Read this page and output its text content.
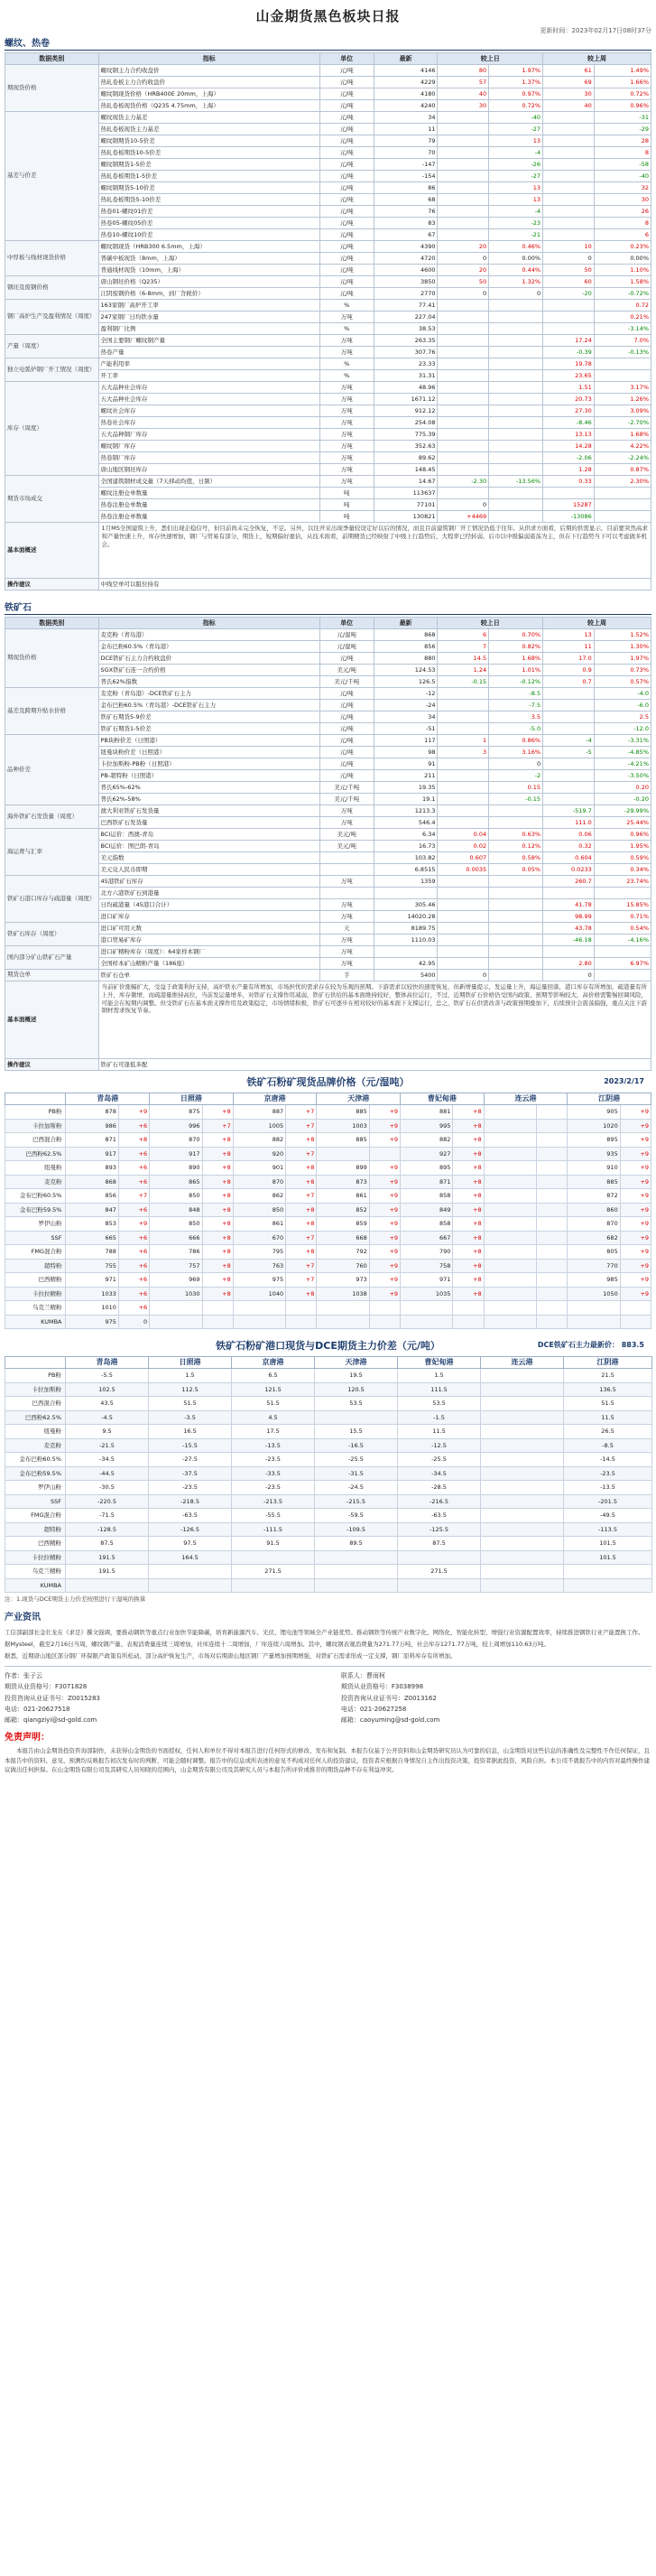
山金期货黑色板块日报
更新时间：2023年02月17日08时37分
螺纹、热卷
数据类别	指标	单位	最新	较上日		较上周	
期现货价格	螺纹钢主力合约收盘价	元/吨	4146	80	1.97%	61	1.49%
	热轧卷板主力合约收盘价	元/吨	4229	57	1.37%	69	1.66%
	螺纹钢现货价格（HRB400E 20mm，上海）	元/吨	4180	40	0.97%	30	0.72%
	热轧卷板现货价格（Q235 4.75mm，上海）	元/吨	4240	30	0.72%	40	0.96%
基差与价差	螺纹现货主力基差	元/吨	34		-40		-31
	热轧卷板现货主力基差	元/吨	11		-27		-29
	螺纹钢期货10-5价差	元/吨	79		13		28
	热轧卷板期货10-5价差	元/吨	70		-4		8
	螺纹钢期货1-5价差	元/吨	-147		-26		-58
	热轧卷板期货1-5价差	元/吨	-154		-27		-40
	螺纹钢期货5-10价差	元/吨	86		13		32
	热轧卷板期货5-10价差	元/吨	68		13		30
	热卷01-螺纹01价差	元/吨	76		-4		26
	热卷05-螺纹05价差	元/吨	83		-23		8
	热卷10-螺纹10价差	元/吨	67		-21		6
中厚板与线材现货价格	螺纹钢现货（HRB300 6.5mm，上海）	元/吨	4390	20	0.46%	10	0.23%
	普碳中板现货（8mm，上海）	元/吨	4720	0	0.00%	0	0.00%
	普通线材现货（10mm，上海）	元/吨	4600	20	0.44%	50	1.10%
钢坯及废钢价格	唐山钢坯价格（Q235）	元/吨	3850	50	1.32%	60	1.58%
	江阴废钢价格（6-8mm，到厂含税价）	元/吨	2770	0	0	-20	-0.72%
钢厂高炉生产及盈利情况（周度）	163家钢厂高炉开工率	%	77.41				0.72
	247家钢厂日均铁水量	万吨	227.04				0.21%
	盈利钢厂比例	%	38.53				-3.14%
产量（周度）	全国主要钢厂螺纹钢产量	万吨	263.35			17.24	7.0%
	热卷产量	万吨	307.76			-0.39	-0.13%
独立电弧炉钢厂开工情况（周度）	产能利用率	%	23.33			19.78	
	开工率	%	31.31			23.65	
库存（周度）	五大品种社会库存	万吨	48.96			1.51	3.17%
	五大品种社会库存	万吨	1671.12			20.73	1.26%
	螺纹社会库存	万吨	912.12			27.30	3.09%
	热卷社会库存	万吨	254.08			-8.46	-2.70%
	五大品种钢厂库存	万吨	775.39			13.13	1.68%
	螺纹钢厂库存	万吨	352.63			14.28	4.22%
	热卷钢厂库存	万吨	89.62			-2.06	-2.24%
	唐山地区钢坯库存	万吨	148.45			1.28	0.87%
期货市场成交	全国建筑钢材成交量（7天移动均值，日频）	万吨	14.67	-2.30	-13.56%	0.33	2.30%
	螺纹注册仓单数量	吨	113637				
	热卷注册仓单数量	吨	77101	0		15287	
	热卷注册仓单数量	吨	130821	+4469		-13086	
基本面概述	1月MS全国建筑上升，悉们出现企稳信号，但目前尚未完全恢复，不足。另外，以往开采出现季量较设定好以后的情况，而且目前建筑钢厂开工情况仍低于往年。从供求方面看，后期的供需显示，目前要突然高求和产量快速上升，库存快速增加，钢厂与贸易有部分，期货上，短期偏好重估，从技术面看，前期精货已经映射了中级上行趋势后，大程率已经转弱，后市以中级偏弱震荡为主，但在下行趋势当下可以考虑做多机会。						
操作建议	中线空单可以阻位持有						
铁矿石
数据类别	指标	单位	最新	较上日		较上周	
期现货价格	麦克粉（青岛港）	元/湿吨	868	6	0.70%	13	1.52%
	金布巴粉60.5%（青岛港）	元/湿吨	856	7	0.82%	11	1.30%
	DCE铁矿石主力合约收盘价	元/吨	880	14.5	1.68%	17.0	1.97%
	SGX铁矿石连一合约价格	美元/吨	124.53	1.24	1.01%	0.9	0.73%
	普氏62%指数	美元/千吨	126.5	-0.15	-0.12%	0.7	0.57%
基差及跨期升贴水价格	麦克粉（青岛港）-DCE铁矿石主力	元/吨	-12		-8.5		-4.0
	金布巴粉60.5%（青岛港）-DCE铁矿石主力	元/吨	-24		-7.5		-6.0
	铁矿石期货5-9价差	元/吨	34		3.5		2.5
	铁矿石期货1-5价差	元/吨	-51		-5.0		-12.0
品种价差	PB块粉价差（日照港）	元/吨	117	1	0.86%	-4	-3.31%
	纽曼块粉价差（日照港）	元/吨	98	3	3.16%	-5	-4.85%
	卡拉加斯粉-PB粉（日照港）	元/吨	91		0		-4.21%
	PB-超特粉（日照港）	元/吨	211		-2		-3.50%
	普氏65%-62%	美元/千吨	19.35		0.15		0.20
	普氏62%-58%	美元/千吨	19.1		-0.15		-0.20
海外铁矿石发货量（周度）	澳大利亚铁矿石发货量	万吨	1213.3			-519.7	-29.99%
	巴西铁矿石发货量	万吨	546.4			111.0	25.44%
海运费与汇率	BCI运价：西澳-青岛	美元/吨	6.34	0.04	0.63%	0.06	0.96%
	BCI运价：图巴朗-青岛	美元/吨	16.73	0.02	0.12%	0.32	1.95%
	美元指数		103.82	0.607	0.58%	0.604	0.59%
	美元兑人民币即期		6.8515	0.0035	0.05%	0.0233	0.34%
铁矿石港口库存与疏港量（周度）	45港铁矿石库存	万吨	1359			260.7	23.74%
	北方六港铁矿石到港量						
	日均疏港量（45港口合计）	万吨	305.46			41.78	15.85%
	进口矿库存	万吨	14020.28			98.99	0.71%
铁矿石库存（周度）	进口矿可用天数	天	8189.75			43.78	0.54%
	港口贸易矿库存	万吨	1110.03			-46.18	-4.16%
国内部分矿山铁矿石产量	进口矿精粉库存（周度）：64家样本钢厂	万吨					
	全国样本矿山精粉产量（186座）	万吨	42.95			2.80	6.97%
期货仓单	铁矿石仓单	手	5400	0		0	
基本面概述	当前矿价涨幅扩大，受益于政策利好支持，高炉铁水产量有所增加，市场担忧的需求存在较为乐观的预期。下游需求以较快的速度恢复，但新增量提示，发运量上升，海运量回落，港口库存有所增加，疏港量有所上升，库存微增，而疏港量维持高位，当前发运量增多，对铁矿石支撑作用减弱，铁矿石供给的基本面维持较好，整体高位运行，不过，近期铁矿石价格仍受国内政策、预期等影响较大，高价格需警惕回调风险，可能会在短期内调整。但受铁矿石在基本面支撑作用及政策稳定，市场情绪积极，铁矿石可逐步在相对较好的基本面下支撑运行，总之，铁矿石在供需改善与政策预期叠加下，后续预计会震荡偏强，重点关注下游钢材需求恢复节奏。						
操作建议	铁矿石可逢低多配						
铁矿石粉矿现货品牌价格（元/湿吨）	2023/2/17
	青岛港		日照港		京唐港		天津港		曹妃甸港		连云港		江阴港	
PB粉	878	+9	875	+8	887	+7	885	+9	881	+8			905	+9
卡拉加斯粉	986	+6	996	+7	1005	+7	1003	+9	995	+8			1020	+9
巴西混合粉	871	+8	870	+8	882	+8	885	+9	882	+8			895	+9
巴西粉62.5%	917	+6	917	+8	920	+7			927	+8			935	+9
纽曼粉	893	+6	890	+8	901	+8	899	+9	895	+8			910	+9
麦克粉	868	+6	865	+8	870	+8	873	+9	871	+8			885	+9
金布巴粉60.5%	856	+7	850	+8	862	+7	861	+9	858	+8			872	+9
金布巴粉59.5%	847	+6	848	+8	850	+8	852	+9	849	+8			860	+9
罗伊山粉	853	+9	850	+8	861	+8	859	+9	858	+8			870	+9
SSF	665	+6	666	+8	670	+7	668	+9	667	+8			682	+9
FMG混合粉	788	+6	786	+8	795	+8	792	+9	790	+8			805	+9
超特粉	755	+6	757	+8	763	+7	760	+9	758	+8			770	+9
巴西精粉	971	+6	969	+8	975	+7	973	+9	971	+8			985	+9
卡拉拉精粉	1033	+6	1030	+8	1040	+8	1038	+9	1035	+8			1050	+9
乌克兰精粉	1010	+6												
KUMBA	975	0												
铁矿石粉矿港口现货与DCE期货主力价差（元/吨）	DCE铁矿石主力最新价： 883.5
	青岛港	日照港	京唐港	天津港	曹妃甸港	连云港	江阴港
PB粉	-5.5	1.5	6.5	19.5	1.5		21.5
卡拉加斯粉	102.5	112.5	121.5	120.5	111.5		136.5
巴西混合粉	43.5	51.5	51.5	53.5	53.5		51.5
巴西粉62.5%	-4.5	-3.5	4.5		-1.5		11.5
纽曼粉	9.5	16.5	17.5	15.5	11.5		26.5
麦克粉	-21.5	-15.5	-13.5	-16.5	-12.5		-8.5
金布巴粉60.5%	-34.5	-27.5	-23.5	-25.5	-25.5		-14.5
金布巴粉59.5%	-44.5	-37.5	-33.5	-31.5	-34.5		-23.5
罗伊山粉	-30.5	-23.5	-23.5	-24.5	-28.5		-13.5
SSF	-220.5	-218.5	-213.5	-215.5	-216.5		-201.5
FMG混合粉	-71.5	-63.5	-55.5	-59.5	-63.5		-49.5
超特粉	-128.5	-126.5	-111.5	-109.5	-125.5		-113.5
巴西精粉	87.5	97.5	91.5	89.5	87.5		101.5
卡拉拉精粉	191.5	164.5					101.5
乌克兰精粉	191.5		271.5		271.5		
KUMBA							
注：1.现货与DCE期货主力价差按照进行干湿吨的换算
产业资讯
工信部副部长金壮龙在《求是》撰文强调，要推动钢铁等重点行业加快节能降碳，培育新能源汽车、光伏、锂电池等领域全产业链优势。推动钢铁等传统产业数字化、网络化、智能化转型，增强行业资源配置效率，持续推进钢铁行业产能置换工作。
据Mysteel，截至2月16日当周，螺纹钢产量、表观消费量连续三周增加，社库连续十二周增加，厂库连续六周增加。其中，螺纹钢表观消费量为271.77万吨，社会库存1271.77万吨，较上周增加110.63万吨。
据悉，近期唐山地区部分钢厂环保限产政策有所松动，部分高炉恢复生产，市场对后期唐山地区钢厂产量增加预期增强，对铁矿石需求形成一定支撑，钢厂原料库存有所增加。

作者：张子云

期货从业资格号：F3071828

投资咨询从业证书号：Z0015283

电话：021-20627518

邮箱：qiangziyi@sd-gold.com

联系人：曹雨柯

期货从业资格号：F3038998

投资咨询从业证书号：Z0013162

电话：021-20627258

邮箱：caoyuming@sd-gold.com

免责声明：
本报告由山金期货投资咨询部制作，未获得山金期货的书面授权，任何人和单位不得对本报告进行任何形式的修改、发布和复制。本报告仅基于公开资料和山金期货研究员认为可靠的信息，山金期货对这些信息的准确性及完整性不作任何保证，且本报告中的资料、意见、预测均反映报告初次发布时的判断，可能会随时调整。报告中的信息或所表述的意见不构成对任何人的投资建议，投资者应根据自身情况自主作出投资决策，投资者据此投资，风险自担。本公司不就报告中的内容对最终操作建议做出任何担保。在山金期货有限公司及其研究人员知晓的范围内，山金期货有限公司及其研究人员与本报告所评价或推荐的期货品种不存在利益冲突。
